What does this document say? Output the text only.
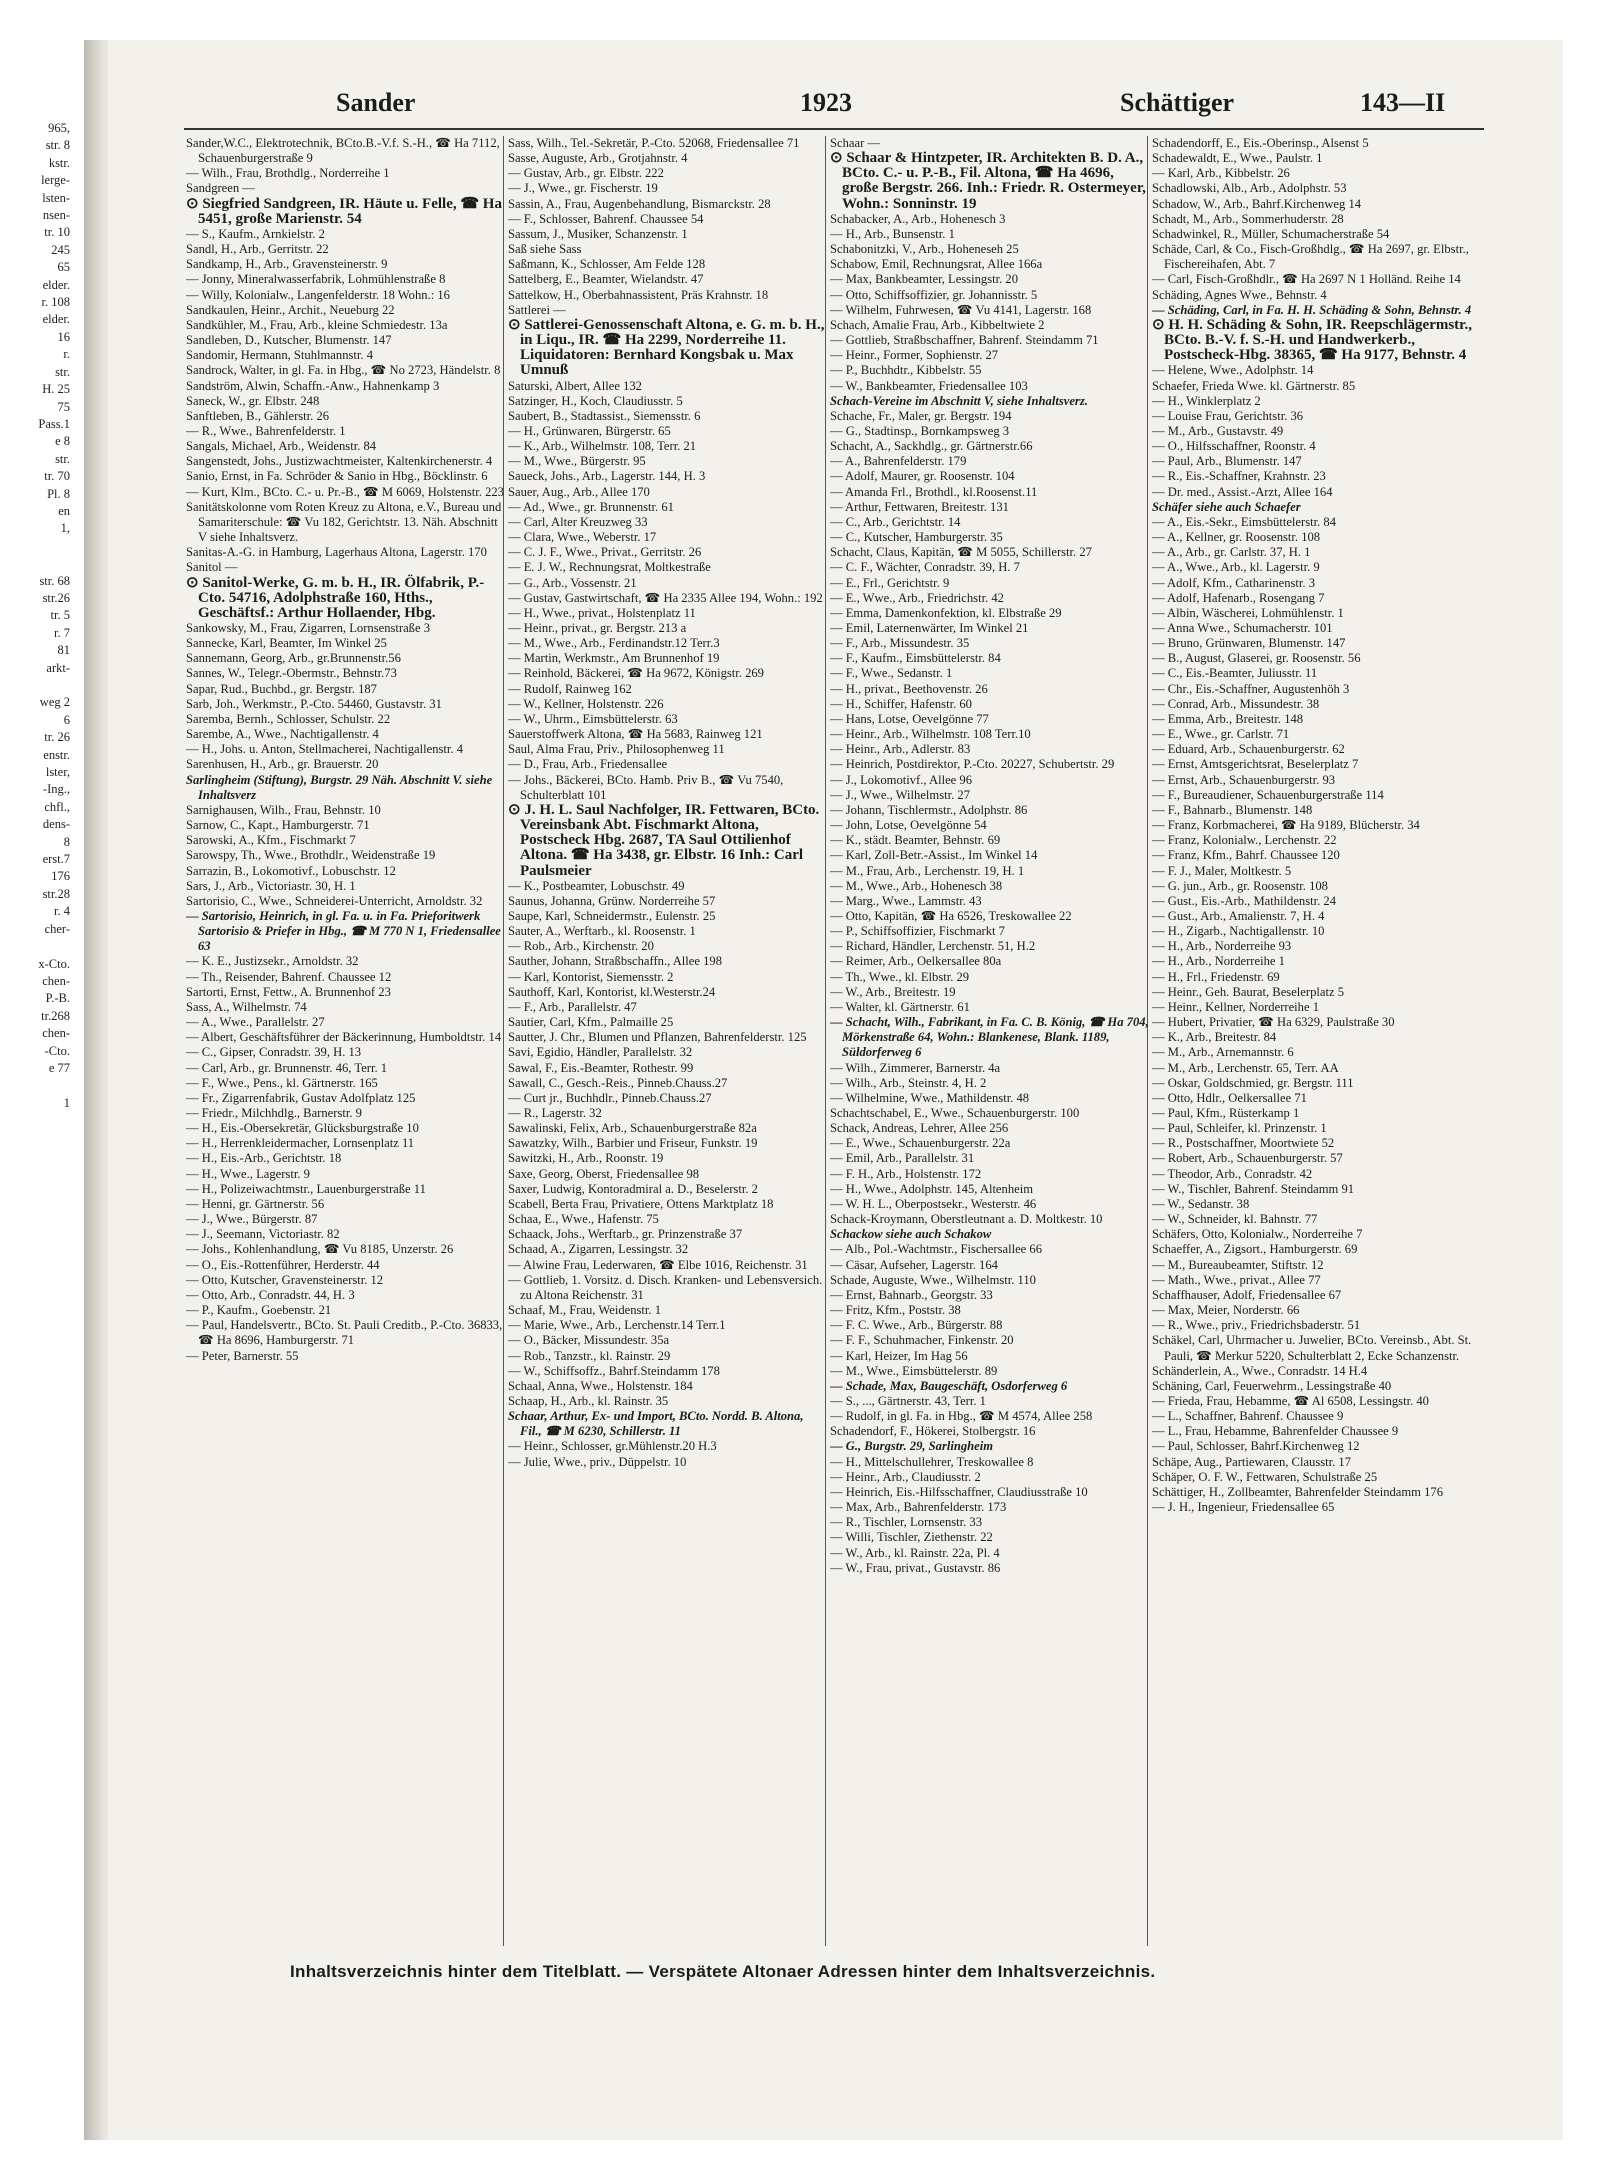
965,
str. 8
kstr.
lerge-
lsten-
nsen-
tr. 10
245
65
elder.
r. 108
elder.
16
r.
str.
H. 25
75
Pass.1
e 8
str.
tr. 70
Pl. 8
en
1,

str. 68
str.26
tr. 5
r. 7
81
arkt-

weg 2
6
tr. 26
enstr.
lster,
-Ing.,
chfl.,
dens-
8
erst.7
176
str.28
r. 4
cher-

x-Cto.
chen-
P.-B.
tr.268
chen-
-Cto.
e 77

1
Sander	1923	Schättiger	143—II

Sander,W.C., Elektrotechnik, BCto.B.-V.f. S.-H., ☎ Ha 7112, Schauenburgerstraße 9

— Wilh., Frau, Brothdlg., Norderreihe 1

Sandgreen —

⊙ Siegfried Sandgreen, IR. Häute u. Felle, ☎ Ha 5451, große Marienstr. 54

— S., Kaufm., Arnkielstr. 2

Sandl, H., Arb., Gerritstr. 22

Sandkamp, H., Arb., Gravensteinerstr. 9

— Jonny, Mineralwasserfabrik, Lohmühlenstraße 8

— Willy, Kolonialw., Langenfelderstr. 18 Wohn.: 16

Sandkaulen, Heinr., Archit., Neueburg 22

Sandkühler, M., Frau, Arb., kleine Schmiedestr. 13a

Sandleben, D., Kutscher, Blumenstr. 147

Sandomir, Hermann, Stuhlmannstr. 4

Sandrock, Walter, in gl. Fa. in Hbg., ☎ No 2723, Händelstr. 8

Sandström, Alwin, Schaffn.-Anw., Hahnenkamp 3

Saneck, W., gr. Elbstr. 248

Sanftleben, B., Gählerstr. 26

— R., Wwe., Bahrenfelderstr. 1

Sangals, Michael, Arb., Weidenstr. 84

Sangenstedt, Johs., Justizwachtmeister, Kaltenkirchenerstr. 4

Sanio, Ernst, in Fa. Schröder & Sanio in Hbg., Böcklinstr. 6

— Kurt, Klm., BCto. C.- u. Pr.-B., ☎ M 6069, Holstenstr. 223

Sanitätskolonne vom Roten Kreuz zu Altona, e.V., Bureau und Samariterschule: ☎ Vu 182, Gerichtstr. 13. Näh. Abschnitt V siehe Inhaltsverz.

Sanitas-A.-G. in Hamburg, Lagerhaus Altona, Lagerstr. 170

Sanitol —

⊙ Sanitol-Werke, G. m. b. H., IR. Ölfabrik, P.-Cto. 54716, Adolphstraße 160, Hths., Geschäftsf.: Arthur Hollaender, Hbg.

Sankowsky, M., Frau, Zigarren, Lornsenstraße 3

Sannecke, Karl, Beamter, Im Winkel 25

Sannemann, Georg, Arb., gr.Brunnenstr.56

Sannes, W., Telegr.-Obermstr., Behnstr.73

Sapar, Rud., Buchbd., gr. Bergstr. 187

Sarb, Joh., Werkmstr., P.-Cto. 54460, Gustavstr. 31

Saremba, Bernh., Schlosser, Schulstr. 22

Sarembe, A., Wwe., Nachtigallenstr. 4

— H., Johs. u. Anton, Stellmacherei, Nachtigallenstr. 4

Sarenhusen, H., Arb., gr. Brauerstr. 20

Sarlingheim (Stiftung), Burgstr. 29 Näh. Abschnitt V. siehe Inhaltsverz

Sarnighausen, Wilh., Frau, Behnstr. 10

Sarnow, C., Kapt., Hamburgerstr. 71

Sarowski, A., Kfm., Fischmarkt 7

Sarowspy, Th., Wwe., Brothdlr., Weidenstraße 19

Sarrazin, B., Lokomotivf., Lobuschstr. 12

Sars, J., Arb., Victoriastr. 30, H. 1

Sartorisio, C., Wwe., Schneiderei-Unterricht, Arnoldstr. 32

— Sartorisio, Heinrich, in gl. Fa. u. in Fa. Prieforitwerk Sartorisio & Priefer in Hbg., ☎ M 770 N 1, Friedensallee 63

— K. E., Justizsekr., Arnoldstr. 32

— Th., Reisender, Bahrenf. Chaussee 12

Sartorti, Ernst, Fettw., A. Brunnenhof 23

Sass, A., Wilhelmstr. 74

— A., Wwe., Parallelstr. 27

— Albert, Geschäftsführer der Bäckerinnung, Humboldtstr. 14

— C., Gipser, Conradstr. 39, H. 13

— Carl, Arb., gr. Brunnenstr. 46, Terr. 1

— F., Wwe., Pens., kl. Gärtnerstr. 165

— Fr., Zigarrenfabrik, Gustav Adolfplatz 125

— Friedr., Milchhdlg., Barnerstr. 9

— H., Eis.-Obersekretär, Glücksburgstraße 10

— H., Herrenkleidermacher, Lornsenplatz 11

— H., Eis.-Arb., Gerichtstr. 18

— H., Wwe., Lagerstr. 9

— H., Polizeiwachtmstr., Lauenburgerstraße 11

— Henni, gr. Gärtnerstr. 56

— J., Wwe., Bürgerstr. 87

— J., Seemann, Victoriastr. 82

— Johs., Kohlenhandlung, ☎ Vu 8185, Unzerstr. 26

— O., Eis.-Rottenführer, Herderstr. 44

— Otto, Kutscher, Gravensteinerstr. 12

— Otto, Arb., Conradstr. 44, H. 3

— P., Kaufm., Goebenstr. 21

— Paul, Handelsvertr., BCto. St. Pauli Creditb., P.-Cto. 36833, ☎ Ha 8696, Hamburgerstr. 71

— Peter, Barnerstr. 55

Sass, Wilh., Tel.-Sekretär, P.-Cto. 52068, Friedensallee 71

Sasse, Auguste, Arb., Grotjahnstr. 4

— Gustav, Arb., gr. Elbstr. 222

— J., Wwe., gr. Fischerstr. 19

Sassin, A., Frau, Augenbehandlung, Bismarckstr. 28

— F., Schlosser, Bahrenf. Chaussee 54

Sassum, J., Musiker, Schanzenstr. 1

Saß siehe Sass

Saßmann, K., Schlosser, Am Felde 128

Sattelberg, E., Beamter, Wielandstr. 47

Sattelkow, H., Oberbahnassistent, Präs Krahnstr. 18

Sattlerei —

⊙ Sattlerei-Genossenschaft Altona, e. G. m. b. H., in Liqu., IR. ☎ Ha 2299, Norderreihe 11. Liquidatoren: Bernhard Kongsbak u. Max Umnuß

Saturski, Albert, Allee 132

Satzinger, H., Koch, Claudiusstr. 5

Saubert, B., Stadtassist., Siemensstr. 6

— H., Grünwaren, Bürgerstr. 65

— K., Arb., Wilhelmstr. 108, Terr. 21

— M., Wwe., Bürgerstr. 95

Saueck, Johs., Arb., Lagerstr. 144, H. 3

Sauer, Aug., Arb., Allee 170

— Ad., Wwe., gr. Brunnenstr. 61

— Carl, Alter Kreuzweg 33

— Clara, Wwe., Weberstr. 17

— C. J. F., Wwe., Privat., Gerritstr. 26

— E. J. W., Rechnungsrat, Moltkestraße

— G., Arb., Vossenstr. 21

— Gustav, Gastwirtschaft, ☎ Ha 2335 Allee 194, Wohn.: 192

— H., Wwe., privat., Holstenplatz 11

— Heinr., privat., gr. Bergstr. 213 a

— M., Wwe., Arb., Ferdinandstr.12 Terr.3

— Martin, Werkmstr., Am Brunnenhof 19

— Reinhold, Bäckerei, ☎ Ha 9672, Königstr. 269

— Rudolf, Rainweg 162

— W., Kellner, Holstenstr. 226

— W., Uhrm., Eimsbüttelerstr. 63

Sauerstoffwerk Altona, ☎ Ha 5683, Rainweg 121

Saul, Alma Frau, Priv., Philosophenweg 11

— D., Frau, Arb., Friedensallee

— Johs., Bäckerei, BCto. Hamb. Priv B., ☎ Vu 7540, Schulterblatt 101

⊙ J. H. L. Saul Nachfolger, IR. Fettwaren, BCto. Vereinsbank Abt. Fischmarkt Altona, Postscheck Hbg. 2687, TA Saul Ottilienhof Altona. ☎ Ha 3438, gr. Elbstr. 16 Inh.: Carl Paulsmeier

— K., Postbeamter, Lobuschstr. 49

Saunus, Johanna, Grünw. Norderreihe 57

Saupe, Karl, Schneidermstr., Eulenstr. 25

Sauter, A., Werftarb., kl. Roosenstr. 1

— Rob., Arb., Kirchenstr. 20

Sauther, Johann, Straßbschaffn., Allee 198

— Karl, Kontorist, Siemensstr. 2

Sauthoff, Karl, Kontorist, kl.Westerstr.24

— F., Arb., Parallelstr. 47

Sautier, Carl, Kfm., Palmaille 25

Sautter, J. Chr., Blumen und Pflanzen, Bahrenfelderstr. 125

Savi, Egidio, Händler, Parallelstr. 32

Sawal, F., Eis.-Beamter, Rothestr. 99

Sawall, C., Gesch.-Reis., Pinneb.Chauss.27

— Curt jr., Buchhdlr., Pinneb.Chauss.27

— R., Lagerstr. 32

Sawalinski, Felix, Arb., Schauenburgerstraße 82a

Sawatzky, Wilh., Barbier und Friseur, Funkstr. 19

Sawitzki, H., Arb., Roonstr. 19

Saxe, Georg, Oberst, Friedensallee 98

Saxer, Ludwig, Kontoradmiral a. D., Beselerstr. 2

Scabell, Berta Frau, Privatiere, Ottens Marktplatz 18

Schaa, E., Wwe., Hafenstr. 75

Schaack, Johs., Werftarb., gr. Prinzenstraße 37

Schaad, A., Zigarren, Lessingstr. 32

— Alwine Frau, Lederwaren, ☎ Elbe 1016, Reichenstr. 31

— Gottlieb, 1. Vorsitz. d. Disch. Kranken- und Lebensversich. zu Altona Reichenstr. 31

Schaaf, M., Frau, Weidenstr. 1

— Marie, Wwe., Arb., Lerchenstr.14 Terr.1

— O., Bäcker, Missundestr. 35a

— Rob., Tanzstr., kl. Rainstr. 29

— W., Schiffsoffz., Bahrf.Steindamm 178

Schaal, Anna, Wwe., Holstenstr. 184

Schaap, H., Arb., kl. Rainstr. 35

Schaar, Arthur, Ex- und Import, BCto. Nordd. B. Altona, Fil., ☎ M 6230, Schillerstr. 11

— Heinr., Schlosser, gr.Mühlenstr.20 H.3

— Julie, Wwe., priv., Düppelstr. 10

Schaar —

⊙ Schaar & Hintzpeter, IR. Architekten B. D. A., BCto. C.- u. P.-B., Fil. Altona, ☎ Ha 4696, große Bergstr. 266. Inh.: Friedr. R. Ostermeyer, Wohn.: Sonninstr. 19

Schabacker, A., Arb., Hohenesch 3

— H., Arb., Bunsenstr. 1

Schabonitzki, V., Arb., Hoheneseh 25

Schabow, Emil, Rechnungsrat, Allee 166a

— Max, Bankbeamter, Lessingstr. 20

— Otto, Schiffsoffizier, gr. Johannisstr. 5

— Wilhelm, Fuhrwesen, ☎ Vu 4141, Lagerstr. 168

Schach, Amalie Frau, Arb., Kibbeltwiete 2

— Gottlieb, Straßbschaffner, Bahrenf. Steindamm 71

— Heinr., Former, Sophienstr. 27

— P., Buchhdtr., Kibbelstr. 55

— W., Bankbeamter, Friedensallee 103

Schach-Vereine im Abschnitt V, siehe Inhaltsverz.

Schache, Fr., Maler, gr. Bergstr. 194

— G., Stadtinsp., Bornkampsweg 3

Schacht, A., Sackhdlg., gr. Gärtnerstr.66

— A., Bahrenfelderstr. 179

— Adolf, Maurer, gr. Roosenstr. 104

— Amanda Frl., Brothdl., kl.Roosenst.11

— Arthur, Fettwaren, Breitestr. 131

— C., Arb., Gerichtstr. 14

— C., Kutscher, Hamburgerstr. 35

Schacht, Claus, Kapitän, ☎ M 5055, Schillerstr. 27

— C. F., Wächter, Conradstr. 39, H. 7

— E., Frl., Gerichtstr. 9

— E., Wwe., Arb., Friedrichstr. 42

— Emma, Damenkonfektion, kl. Elbstraße 29

— Emil, Laternenwärter, Im Winkel 21

— F., Arb., Missundestr. 35

— F., Kaufm., Eimsbüttelerstr. 84

— F., Wwe., Sedanstr. 1

— H., privat., Beethovenstr. 26

— H., Schiffer, Hafenstr. 60

— Hans, Lotse, Oevelgönne 77

— Heinr., Arb., Wilhelmstr. 108 Terr.10

— Heinr., Arb., Adlerstr. 83

— Heinrich, Postdirektor, P.-Cto. 20227, Schubertstr. 29

— J., Lokomotivf., Allee 96

— J., Wwe., Wilhelmstr. 27

— Johann, Tischlermstr., Adolphstr. 86

— John, Lotse, Oevelgönne 54

— K., städt. Beamter, Behnstr. 69

— Karl, Zoll-Betr.-Assist., Im Winkel 14

— M., Frau, Arb., Lerchenstr. 19, H. 1

— M., Wwe., Arb., Hohenesch 38

— Marg., Wwe., Lammstr. 43

— Otto, Kapitän, ☎ Ha 6526, Treskowallee 22

— P., Schiffsoffizier, Fischmarkt 7

— Richard, Händler, Lerchenstr. 51, H.2

— Reimer, Arb., Oelkersallee 80a

— Th., Wwe., kl. Elbstr. 29

— W., Arb., Breitestr. 19

— Walter, kl. Gärtnerstr. 61

— Schacht, Wilh., Fabrikant, in Fa. C. B. König, ☎ Ha 704, Mörkenstraße 64, Wohn.: Blankenese, Blank. 1189, Süldorferweg 6

— Wilh., Zimmerer, Barnerstr. 4a

— Wilh., Arb., Steinstr. 4, H. 2

— Wilhelmine, Wwe., Mathildenstr. 48

Schachtschabel, E., Wwe., Schauenburgerstr. 100

Schack, Andreas, Lehrer, Allee 256

— E., Wwe., Schauenburgerstr. 22a

— Emil, Arb., Parallelstr. 31

— F. H., Arb., Holstenstr. 172

— H., Wwe., Adolphstr. 145, Altenheim

— W. H. L., Oberpostsekr., Westerstr. 46

Schack-Kroymann, Oberstleutnant a. D. Moltkestr. 10

Schackow siehe auch Schakow

— Alb., Pol.-Wachtmstr., Fischersallee 66

— Cäsar, Aufseher, Lagerstr. 164

Schade, Auguste, Wwe., Wilhelmstr. 110

— Ernst, Bahnarb., Georgstr. 33

— Fritz, Kfm., Poststr. 38

— F. C. Wwe., Arb., Bürgerstr. 88

— F. F., Schuhmacher, Finkenstr. 20

— Karl, Heizer, Im Hag 56

— M., Wwe., Eimsbüttelerstr. 89

— Schade, Max, Baugeschäft, Osdorferweg 6

— S., ..., Gärtnerstr. 43, Terr. 1

— Rudolf, in gl. Fa. in Hbg., ☎ M 4574, Allee 258

Schadendorf, F., Hökerei, Stolbergstr. 16

— G., Burgstr. 29, Sarlingheim

— H., Mittelschullehrer, Treskowallee 8

— Heinr., Arb., Claudiusstr. 2

— Heinrich, Eis.-Hilfsschaffner, Claudiusstraße 10

— Max, Arb., Bahrenfelderstr. 173

— R., Tischler, Lornsenstr. 33

— Willi, Tischler, Ziethenstr. 22

— W., Arb., kl. Rainstr. 22a, Pl. 4

— W., Frau, privat., Gustavstr. 86

Schadendorff, E., Eis.-Oberinsp., Alsenst 5

Schadewaldt, E., Wwe., Paulstr. 1

— Karl, Arb., Kibbelstr. 26

Schadlowski, Alb., Arb., Adolphstr. 53

Schadow, W., Arb., Bahrf.Kirchenweg 14

Schadt, M., Arb., Sommerhuderstr. 28

Schadwinkel, R., Müller, Schumacherstraße 54

Schäde, Carl, & Co., Fisch-Großhdlg., ☎ Ha 2697, gr. Elbstr., Fischereihafen, Abt. 7

— Carl, Fisch-Großhdlr., ☎ Ha 2697 N 1 Holländ. Reihe 14

Schäding, Agnes Wwe., Behnstr. 4

— Schäding, Carl, in Fa. H. H. Schäding & Sohn, Behnstr. 4

⊙ H. H. Schäding & Sohn, IR. Reepschlägermstr., BCto. B.-V. f. S.-H. und Handwerkerb., Postscheck-Hbg. 38365, ☎ Ha 9177, Behnstr. 4

— Helene, Wwe., Adolphstr. 14

Schaefer, Frieda Wwe. kl. Gärtnerstr. 85

— H., Winklerplatz 2

— Louise Frau, Gerichtstr. 36

— M., Arb., Gustavstr. 49

— O., Hilfsschaffner, Roonstr. 4

— Paul, Arb., Blumenstr. 147

— R., Eis.-Schaffner, Krahnstr. 23

— Dr. med., Assist.-Arzt, Allee 164

Schäfer siehe auch Schaefer

— A., Eis.-Sekr., Eimsbüttelerstr. 84

— A., Kellner, gr. Roosenstr. 108

— A., Arb., gr. Carlstr. 37, H. 1

— A., Wwe., Arb., kl. Lagerstr. 9

— Adolf, Kfm., Catharinenstr. 3

— Adolf, Hafenarb., Rosengang 7

— Albin, Wäscherei, Lohmühlenstr. 1

— Anna Wwe., Schumacherstr. 101

— Bruno, Grünwaren, Blumenstr. 147

— B., August, Glaserei, gr. Roosenstr. 56

— C., Eis.-Beamter, Juliusstr. 11

— Chr., Eis.-Schaffner, Augustenhöh 3

— Conrad, Arb., Missundestr. 38

— Emma, Arb., Breitestr. 148

— E., Wwe., gr. Carlstr. 71

— Eduard, Arb., Schauenburgerstr. 62

— Ernst, Amtsgerichtsrat, Beselerplatz 7

— Ernst, Arb., Schauenburgerstr. 93

— F., Bureaudiener, Schauenburgerstraße 114

— F., Bahnarb., Blumenstr. 148

— Franz, Korbmacherei, ☎ Ha 9189, Blücherstr. 34

— Franz, Kolonialw., Lerchenstr. 22

— Franz, Kfm., Bahrf. Chaussee 120

— F. J., Maler, Moltkestr. 5

— G. jun., Arb., gr. Roosenstr. 108

— Gust., Eis.-Arb., Mathildenstr. 24

— Gust., Arb., Amalienstr. 7, H. 4

— H., Zigarb., Nachtigallenstr. 10

— H., Arb., Norderreihe 93

— H., Arb., Norderreihe 1

— H., Frl., Friedenstr. 69

— Heinr., Geh. Baurat, Beselerplatz 5

— Heinr., Kellner, Norderreihe 1

— Hubert, Privatier, ☎ Ha 6329, Paulstraße 30

— K., Arb., Breitestr. 84

— M., Arb., Arnemannstr. 6

— M., Arb., Lerchenstr. 65, Terr. AA

— Oskar, Goldschmied, gr. Bergstr. 111

— Otto, Hdlr., Oelkersallee 71

— Paul, Kfm., Rüsterkamp 1

— Paul, Schleifer, kl. Prinzenstr. 1

— R., Postschaffner, Moortwiete 52

— Robert, Arb., Schauenburgerstr. 57

— Theodor, Arb., Conradstr. 42

— W., Tischler, Bahrenf. Steindamm 91

— W., Sedanstr. 38

— W., Schneider, kl. Bahnstr. 77

Schäfers, Otto, Kolonialw., Norderreihe 7

Schaeffer, A., Zigsort., Hamburgerstr. 69

— M., Bureaubeamter, Stiftstr. 12

— Math., Wwe., privat., Allee 77

Schaffhauser, Adolf, Friedensallee 67

— Max, Meier, Norderstr. 66

— R., Wwe., priv., Friedrichsbaderstr. 51

Schäkel, Carl, Uhrmacher u. Juwelier, BCto. Vereinsb., Abt. St. Pauli, ☎ Merkur 5220, Schulterblatt 2, Ecke Schanzenstr.

Schänderlein, A., Wwe., Conradstr. 14 H.4

Schäning, Carl, Feuerwehrm., Lessingstraße 40

— Frieda, Frau, Hebamme, ☎ Al 6508, Lessingstr. 40

— L., Schaffner, Bahrenf. Chaussee 9

— L., Frau, Hebamme, Bahrenfelder Chaussee 9

— Paul, Schlosser, Bahrf.Kirchenweg 12

Schäpe, Aug., Partiewaren, Clausstr. 17

Schäper, O. F. W., Fettwaren, Schulstraße 25

Schättiger, H., Zollbeamter, Bahrenfelder Steindamm 176

— J. H., Ingenieur, Friedensallee 65

Inhaltsverzeichnis hinter dem Titelblatt. — Verspätete Altonaer Adressen hinter dem Inhaltsverzeichnis.
